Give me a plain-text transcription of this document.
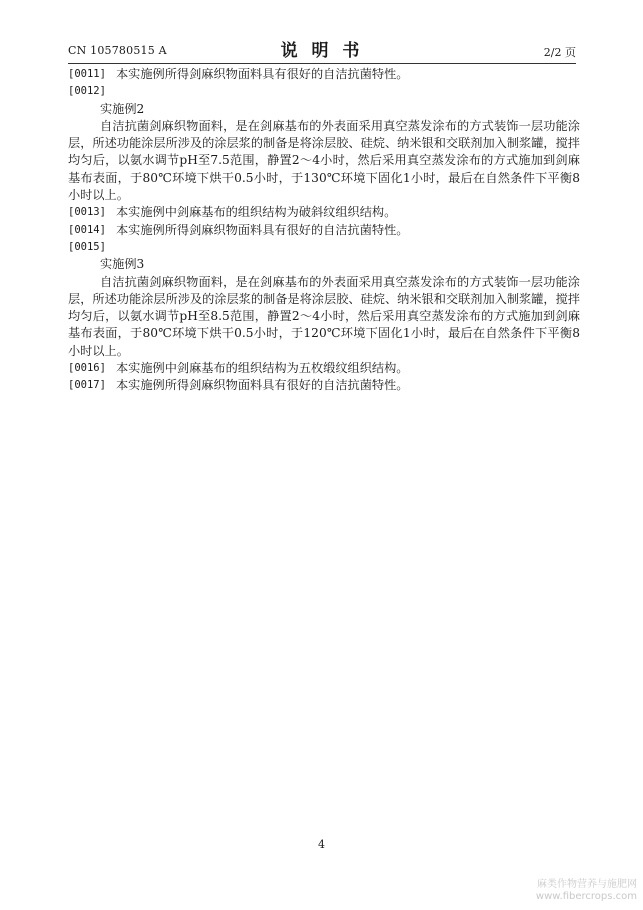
CN 105780515 A	说 明 书	2/2 页
[0011] 本实施例所得剑麻织物面料具有很好的自洁抗菌特性。
[0012]
实施例2
自洁抗菌剑麻织物面料，是在剑麻基布的外表面采用真空蒸发涂布的方式装饰一层功能涂层，所述功能涂层所涉及的涂层浆的制备是将涂层胶、硅烷、纳米银和交联剂加入制浆罐，搅拌均匀后，以氨水调节pH至7.5范围，静置2～4小时，然后采用真空蒸发涂布的方式施加到剑麻基布表面，于80℃环境下烘干0.5小时，于130℃环境下固化1小时，最后在自然条件下平衡8小时以上。
[0013] 本实施例中剑麻基布的组织结构为破斜纹组织结构。
[0014] 本实施例所得剑麻织物面料具有很好的自洁抗菌特性。
[0015]
实施例3
自洁抗菌剑麻织物面料，是在剑麻基布的外表面采用真空蒸发涂布的方式装饰一层功能涂层，所述功能涂层所涉及的涂层浆的制备是将涂层胶、硅烷、纳米银和交联剂加入制浆罐，搅拌均匀后，以氨水调节pH至8.5范围，静置2～4小时，然后采用真空蒸发涂布的方式施加到剑麻基布表面，于80℃环境下烘干0.5小时，于120℃环境下固化1小时，最后在自然条件下平衡8小时以上。
[0016] 本实施例中剑麻基布的组织结构为五枚缎纹组织结构。
[0017] 本实施例所得剑麻织物面料具有很好的自洁抗菌特性。
4
麻类作物营养与施肥网
www.fibercrops.com
